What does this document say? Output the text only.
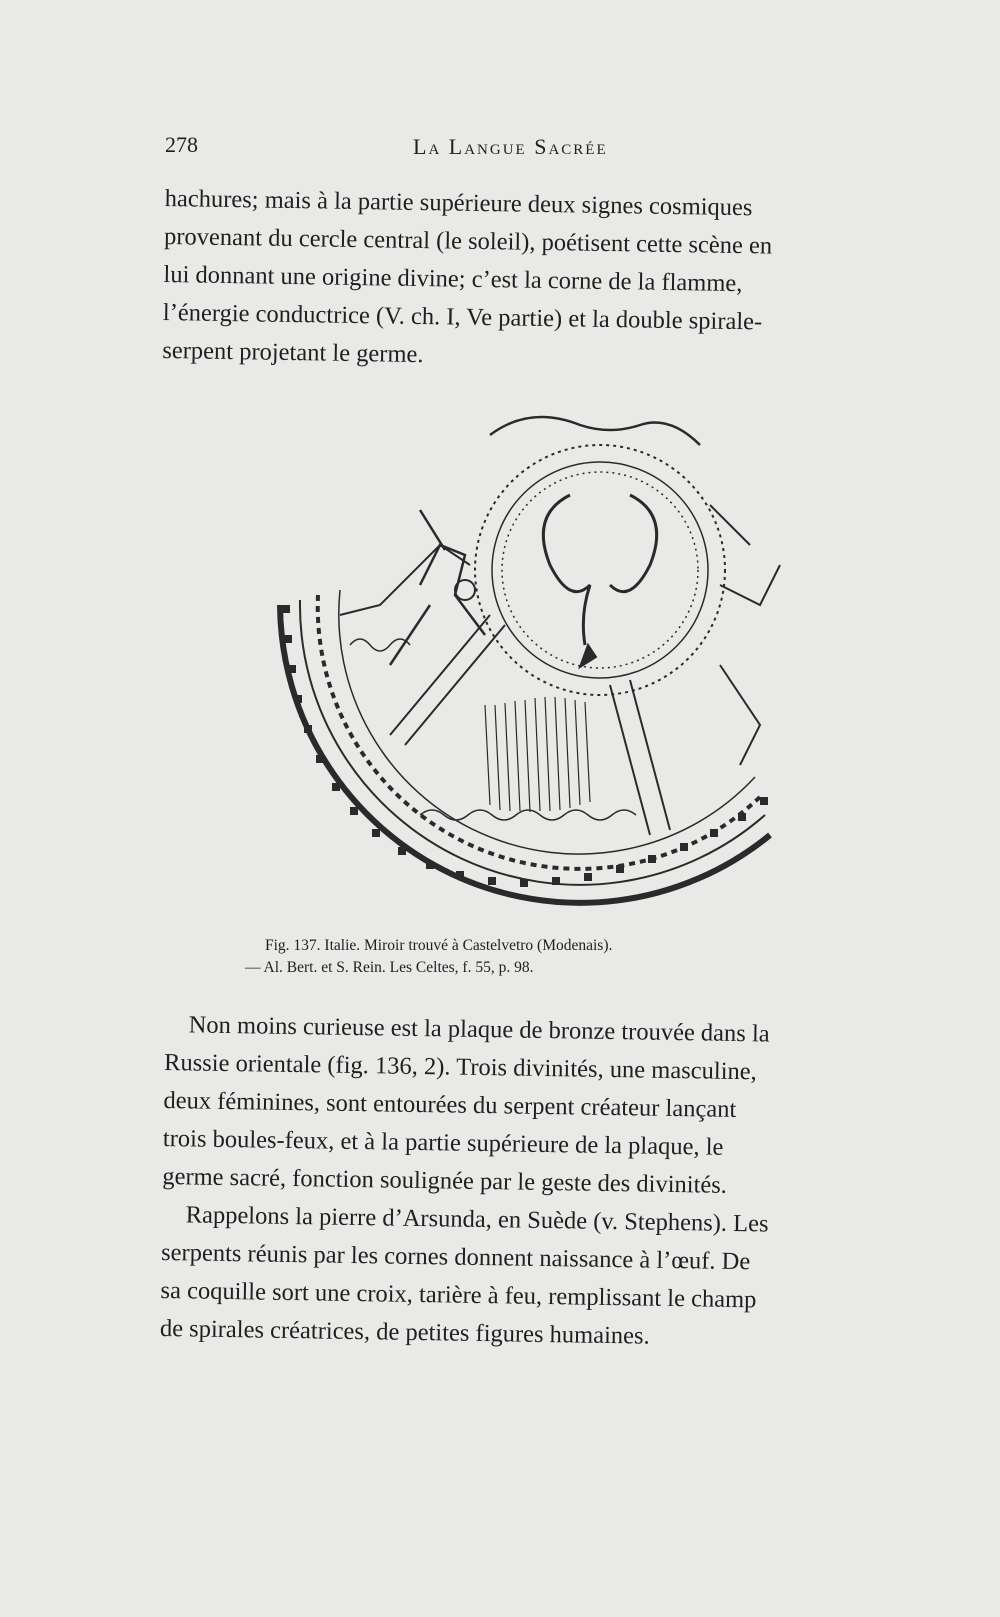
278	La Langue Sacrée
hachures; mais à la partie supérieure deux signes cosmiques
provenant du cercle central (le soleil), poétisent cette scène en
lui donnant une origine divine; c’est la corne de la flamme,
l’énergie conductrice (V. ch. I, Ve partie) et la double spirale-
serpent projetant le germe.
Fig. 137. Italie. Miroir trouvé à Castelvetro (Modenais).
— Al. Bert. et S. Rein. Les Celtes, f. 55, p. 98.
Non moins curieuse est la plaque de bronze trouvée dans la
Russie orientale (fig. 136, 2). Trois divinités, une masculine,
deux féminines, sont entourées du serpent créateur lançant
trois boules-feux, et à la partie supérieure de la plaque, le
germe sacré, fonction soulignée par le geste des divinités.
Rappelons la pierre d’Arsunda, en Suède (v. Stephens). Les
serpents réunis par les cornes donnent naissance à l’œuf. De
sa coquille sort une croix, tarière à feu, remplissant le champ
de spirales créatrices, de petites figures humaines.
